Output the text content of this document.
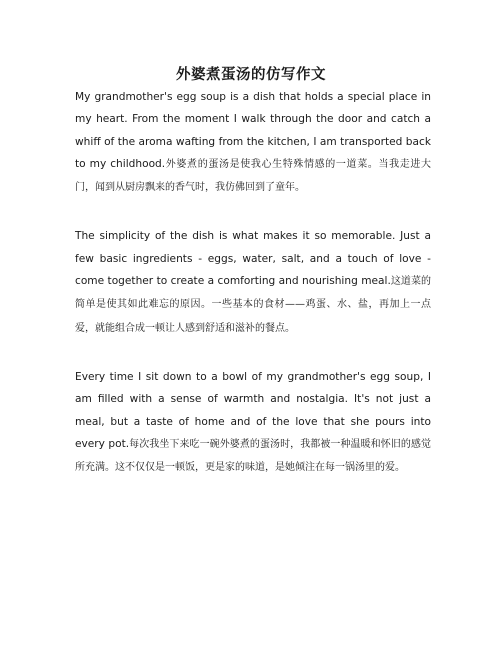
外婆煮蛋汤的仿写作文

My grandmother's egg soup is a dish that holds a special place in my heart. From the moment I walk through the door and catch a whiff of the aroma wafting from the kitchen, I am transported back to my childhood.外婆煮的蛋汤是使我心生特殊情感的一道菜。当我走进大门，闻到从厨房飘来的香气时，我仿佛回到了童年。

The simplicity of the dish is what makes it so memorable. Just a few basic ingredients - eggs, water, salt, and a touch of love - come together to create a comforting and nourishing meal.这道菜的简单是使其如此难忘的原因。一些基本的食材——鸡蛋、水、盐，再加上一点爱，就能组合成一顿让人感到舒适和滋补的餐点。

Every time I sit down to a bowl of my grandmother's egg soup, I am filled with a sense of warmth and nostalgia. It's not just a meal, but a taste of home and of the love that she pours into every pot.每次我坐下来吃一碗外婆煮的蛋汤时，我都被一种温暖和怀旧的感觉所充满。这不仅仅是一顿饭，更是家的味道，是她倾注在每一锅汤里的爱。
